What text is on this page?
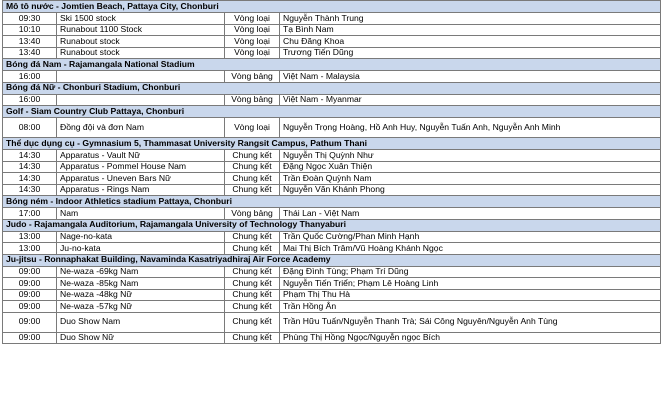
Mô tô nước - Jomtien Beach, Pattaya City, Chonburi			
09:30	Ski 1500 stock	Vòng loại	Nguyễn Thành Trung
10:10	Runabout 1100 Stock	Vòng loại	Tạ Bình Nam
13:40	Runabout stock	Vòng loại	Chu Đăng Khoa
13:40	Runabout stock	Vòng loại	Trương Tiến Dũng
Bóng đá Nam - Rajamangala National Stadium			
16:00		Vòng bảng	Việt Nam - Malaysia
Bóng đá Nữ - Chonburi Stadium, Chonburi			
16:00		Vòng bảng	Việt Nam - Myanmar
Golf - Siam Country Club Pattaya, Chonburi			
08:00	Đồng đội và đơn Nam	Vòng loại	Nguyễn Trọng Hoàng, Hồ Anh Huy, Nguyễn Tuấn Anh, Nguyễn Anh Minh
Thể dục dụng cụ - Gymnasium 5, Thammasat University Rangsit Campus, Pathum Thani			
14:30	Apparatus - Vault Nữ	Chung kết	Nguyễn Thị Quỳnh Như
14:30	Apparatus - Pommel House Nam	Chung kết	Đặng Ngọc Xuân Thiện
14:30	Apparatus - Uneven Bars Nữ	Chung kết	Trần Đoàn Quỳnh Nam
14:30	Apparatus - Rings Nam	Chung kết	Nguyễn Văn Khánh Phong
Bóng ném - Indoor Athletics stadium Pattaya, Chonburi			
17:00	Nam	Vòng bảng	Thái Lan - Việt Nam
Judo - Rajamangala Auditorium, Rajamangala University of Technology Thanyaburi			
13:00	Nage-no-kata	Chung kết	Trần Quốc Cường/Phan Minh Hạnh
13:00	Ju-no-kata	Chung kết	Mai Thị Bích Trâm/Vũ Hoàng Khánh Ngọc
Ju-jitsu - Ronnaphakat Building, Navaminda Kasatriyadhiraj Air Force Academy			
09:00	Ne-waza -69kg Nam	Chung kết	Đặng Đình Tùng; Phạm Trí Dũng
09:00	Ne-waza -85kg Nam	Chung kết	Nguyễn Tiến Triển; Phạm Lê Hoàng Linh
09:00	Ne-waza -48kg Nữ	Chung kết	Phạm Thị Thu Hà
09:00	Ne-waza -57kg Nữ	Chung kết	Trần Hồng Ân
09:00	Duo Show Nam	Chung kết	Trần Hữu Tuấn/Nguyễn Thanh Trà; Sái Công Nguyên/Nguyễn Anh Tùng
09:00	Duo Show Nữ	Chung kết	Phùng Thị Hồng Ngọc/Nguyễn ngọc Bích
